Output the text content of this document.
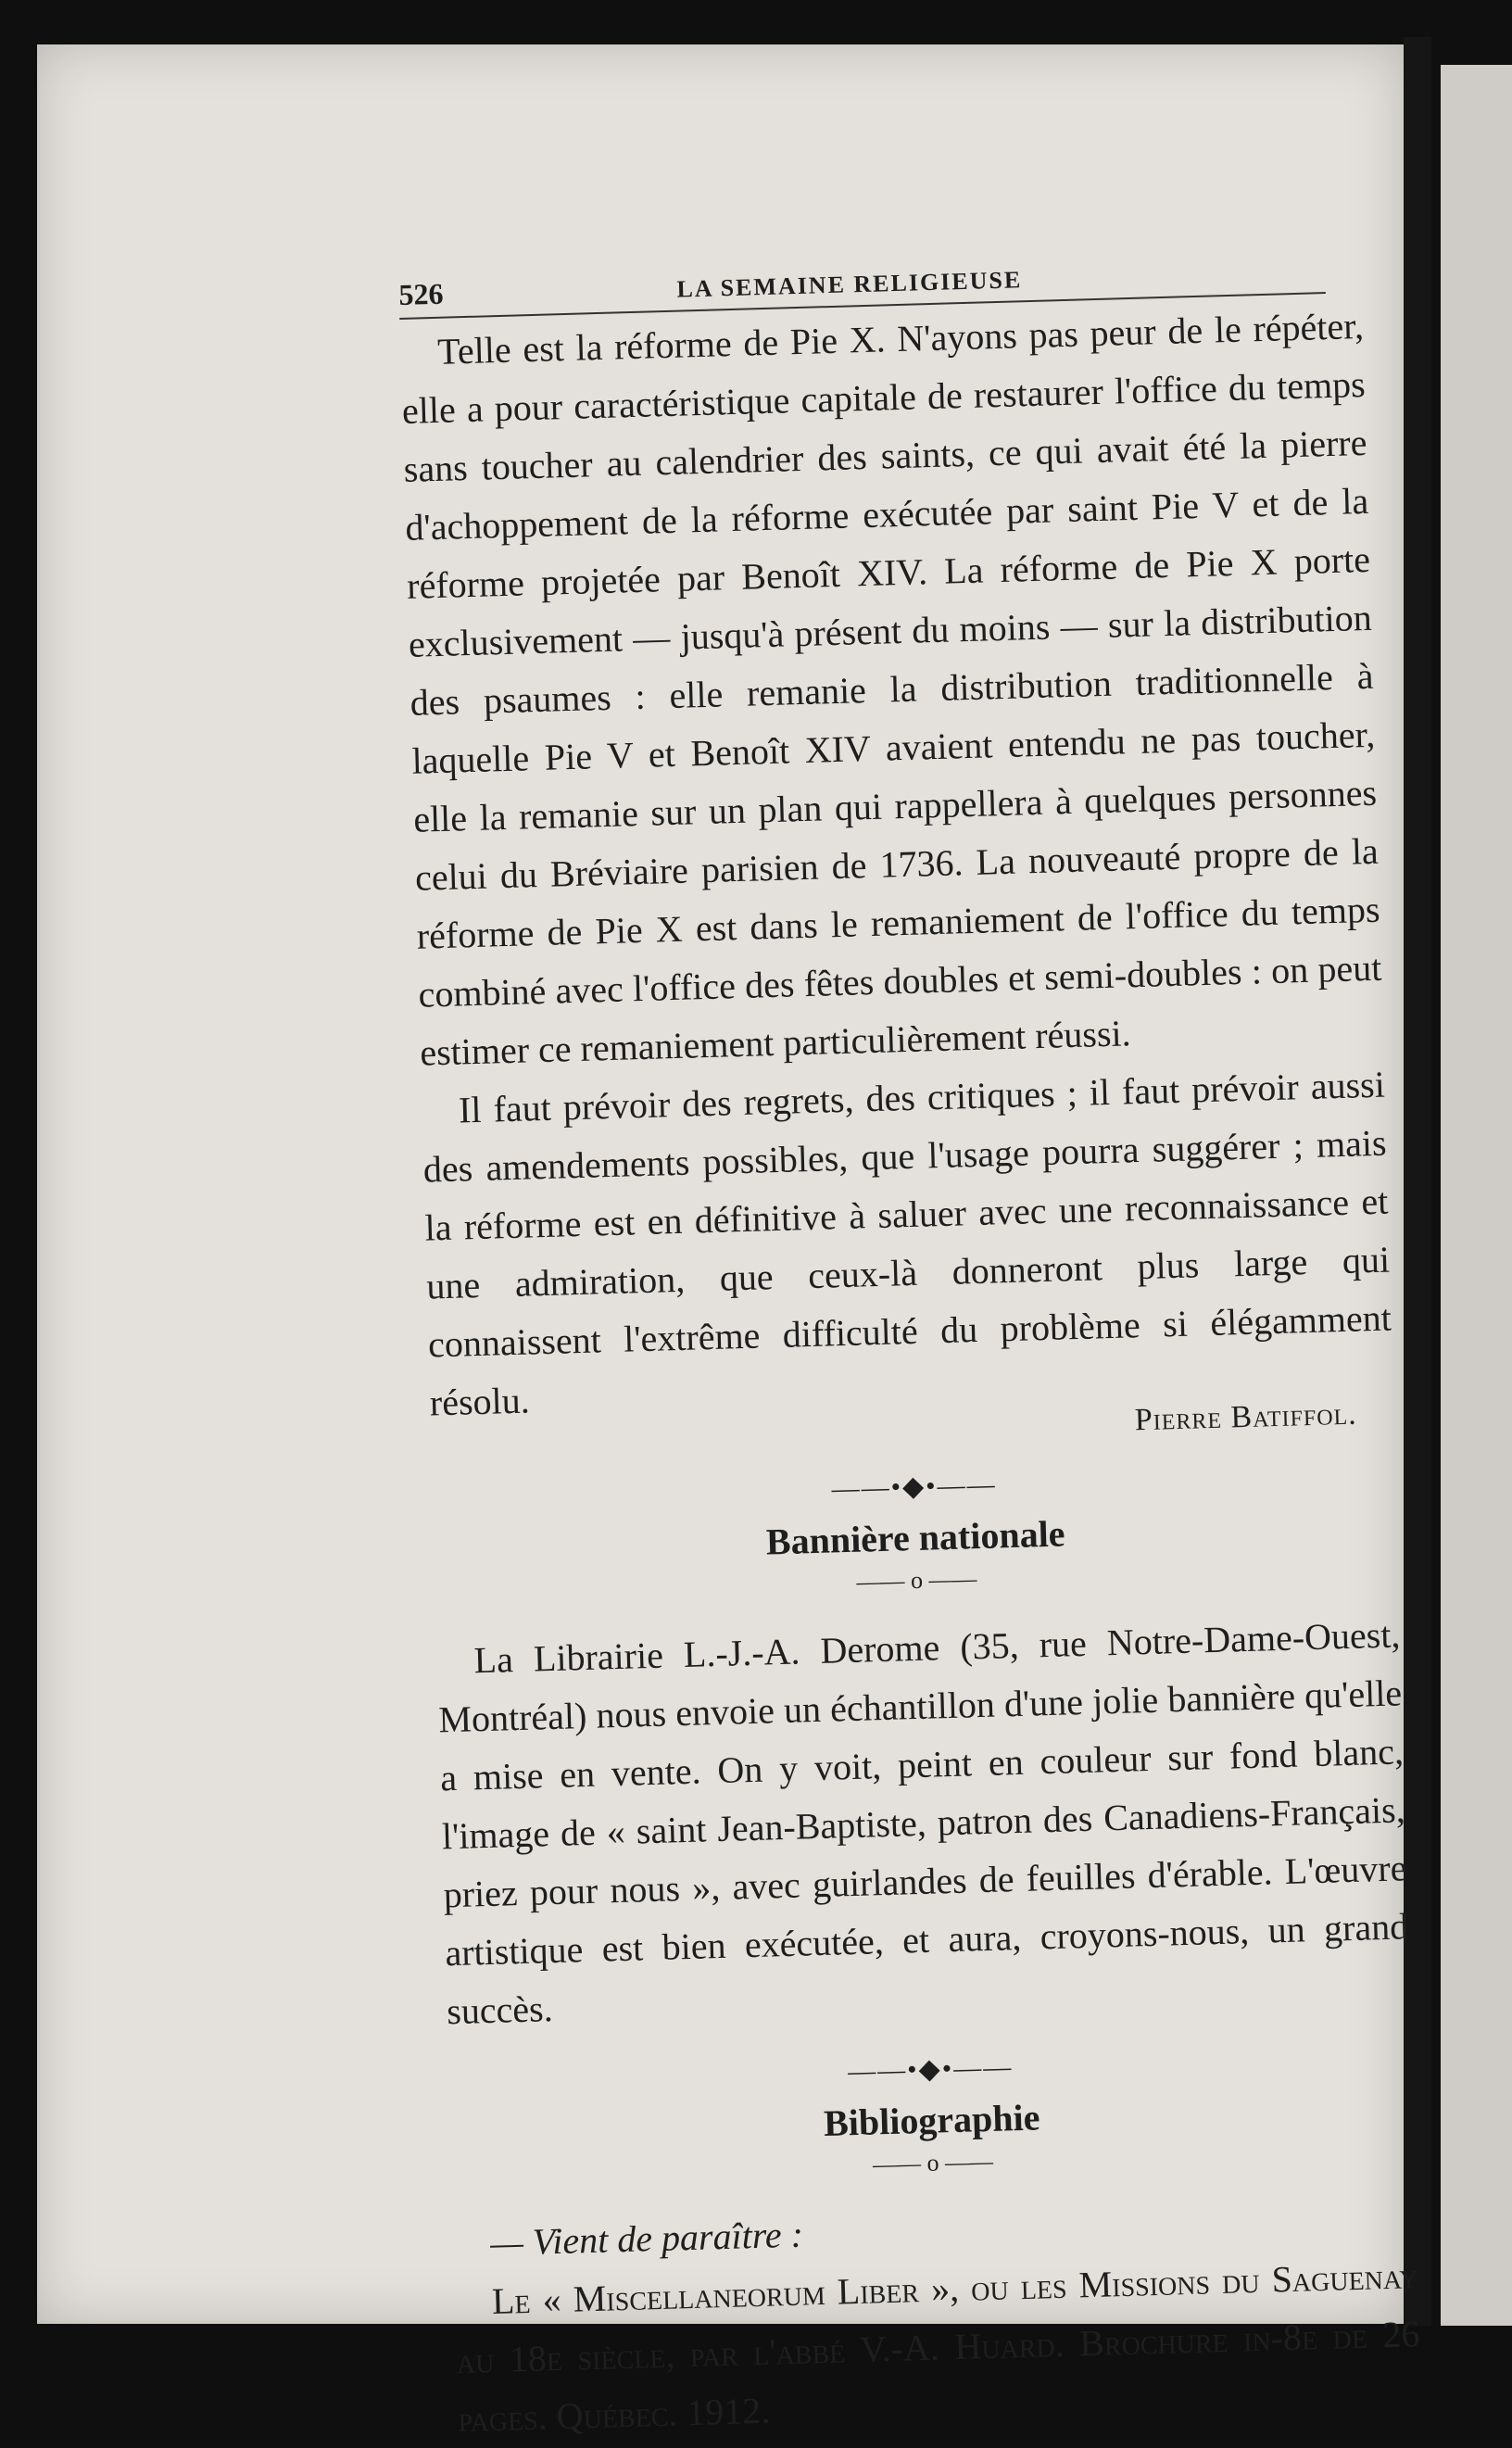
526	LA SEMAINE RELIGIEUSE

Telle est la réforme de Pie X. N'ayons pas peur de le répéter, elle a pour caractéristique capitale de restaurer l'office du temps sans toucher au calendrier des saints, ce qui avait été la pierre d'achoppement de la réforme exécutée par saint Pie V et de la réforme projetée par Benoît XIV. La réforme de Pie X porte exclusivement — jusqu'à présent du moins — sur la distribution des psaumes : elle remanie la distribution traditionnelle à laquelle Pie V et Benoît XIV avaient entendu ne pas toucher, elle la remanie sur un plan qui rappellera à quelques personnes celui du Bréviaire parisien de 1736. La nouveauté propre de la réforme de Pie X est dans le remaniement de l'office du temps combiné avec l'office des fêtes doubles et semi-doubles : on peut estimer ce remaniement particulièrement réussi.

Il faut prévoir des regrets, des critiques ; il faut prévoir aussi des amendements possibles, que l'usage pourra suggérer ; mais la réforme est en définitive à saluer avec une reconnaissance et une admiration, que ceux-là donneront plus large qui connaissent l'extrême difficulté du problème si élégamment résolu.	Pierre Batiffol.
——•◆•——
Bannière nationale
—— o ——

La Librairie L.-J.-A. Derome (35, rue Notre-Dame-Ouest, Montréal) nous envoie un échantillon d'une jolie bannière qu'elle a mise en vente. On y voit, peint en couleur sur fond blanc, l'image de « saint Jean-Baptiste, patron des Canadiens-Français, priez pour nous », avec guirlandes de feuilles d'érable. L'œuvre artistique est bien exécutée, et aura, croyons-nous, un grand succès.

——•◆•——
Bibliographie
—— o ——
— Vient de paraître :

Le « Miscellaneorum Liber », ou les Missions du Saguenay au 18e siècle, par l'abbé V.-A. Huard. Brochure in-8e de 26 pages. Québec. 1912.
